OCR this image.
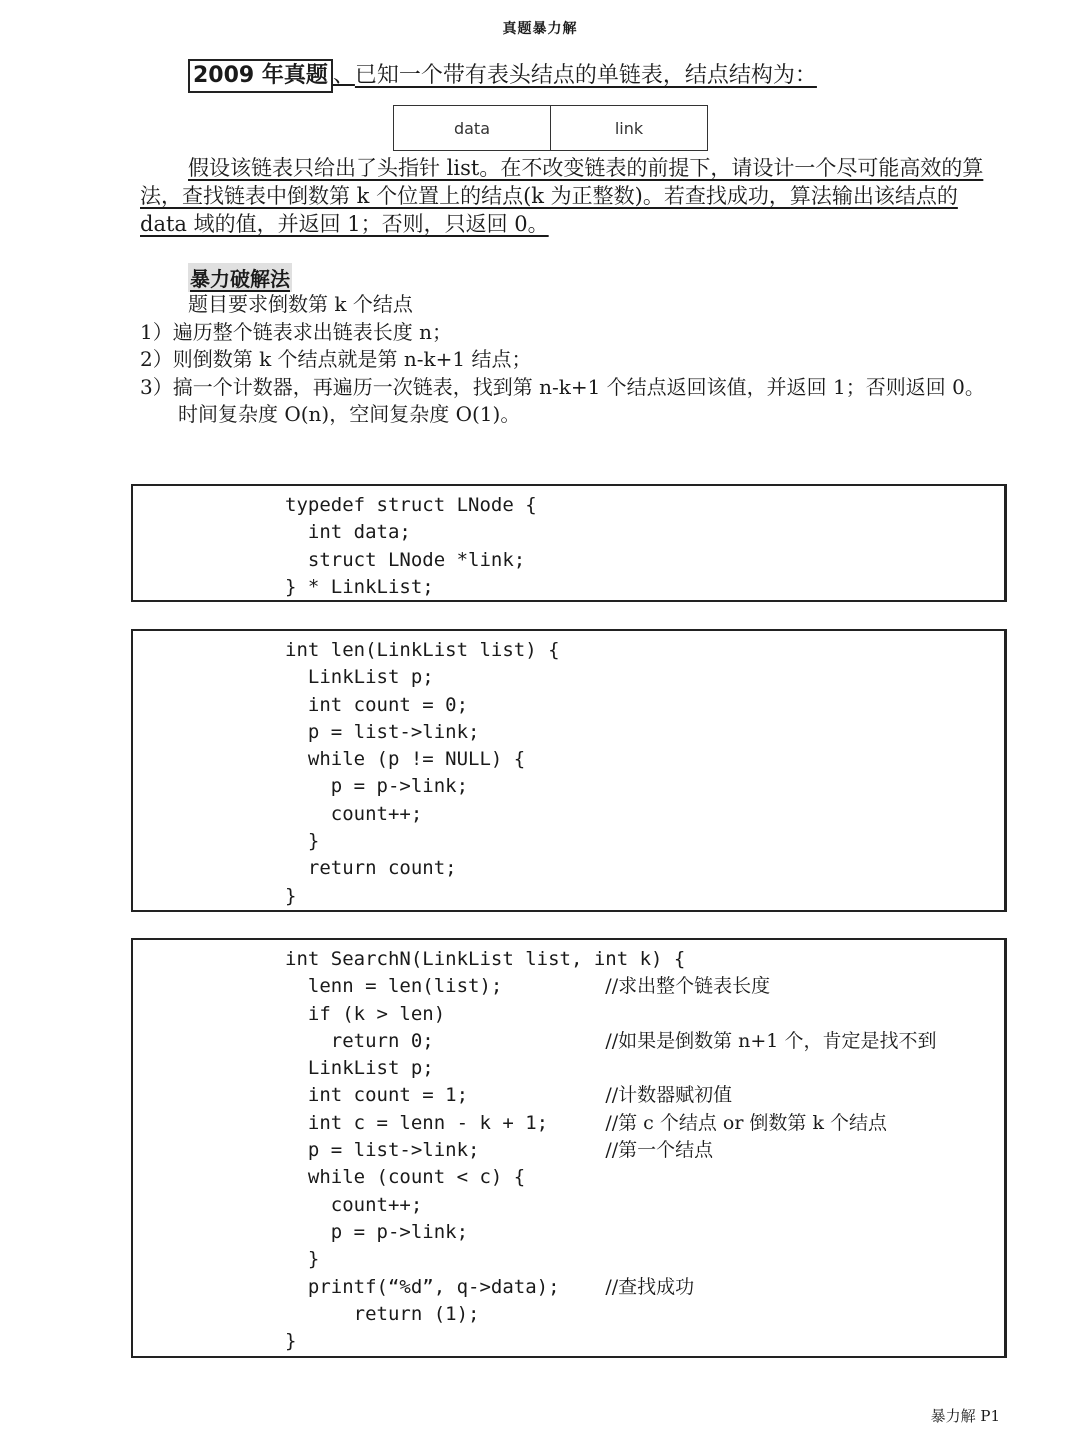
真题暴力解
2009 年真题 、已知一个带有表头结点的单链表，结点结构为：
data	link
假设该链表只给出了头指针 list。在不改变链表的前提下，请设计一个尽可能高效的算法，查找链表中倒数第 k 个位置上的结点(k 为正整数)。若查找成功，算法输出该结点的 data 域的值，并返回 1；否则，只返回 0。
暴力破解法
题目要求倒数第 k 个结点
1）遍历整个链表求出链表长度 n；
2）则倒数第 k 个结点就是第 n-k+1 结点；
3）搞一个计数器，再遍历一次链表，找到第 n-k+1 个结点返回该值，并返回 1；否则返回 0。
时间复杂度 O(n)，空间复杂度 O(1)。
typedef struct LNode {
int data;
struct LNode *link;
} * LinkList;
int len(LinkList list) {
LinkList p;
int count = 0;
p = list->link;
while (p != NULL) {
p = p->link;
count++;
}
return count;
}
int SearchN(LinkList list, int k) {
lenn = len(list);	//求出整个链表长度
if (k > len)
return 0;	//如果是倒数第 n+1 个，肯定是找不到
LinkList p;
int count = 1;	//计数器赋初值
int c = lenn - k + 1;	//第 c 个结点 or 倒数第 k 个结点
p = list->link;	//第一个结点
while (count < c) {
count++;
p = p->link;
}
printf(“%d”, q->data); //查找成功
return (1);
}
暴力解 P1
